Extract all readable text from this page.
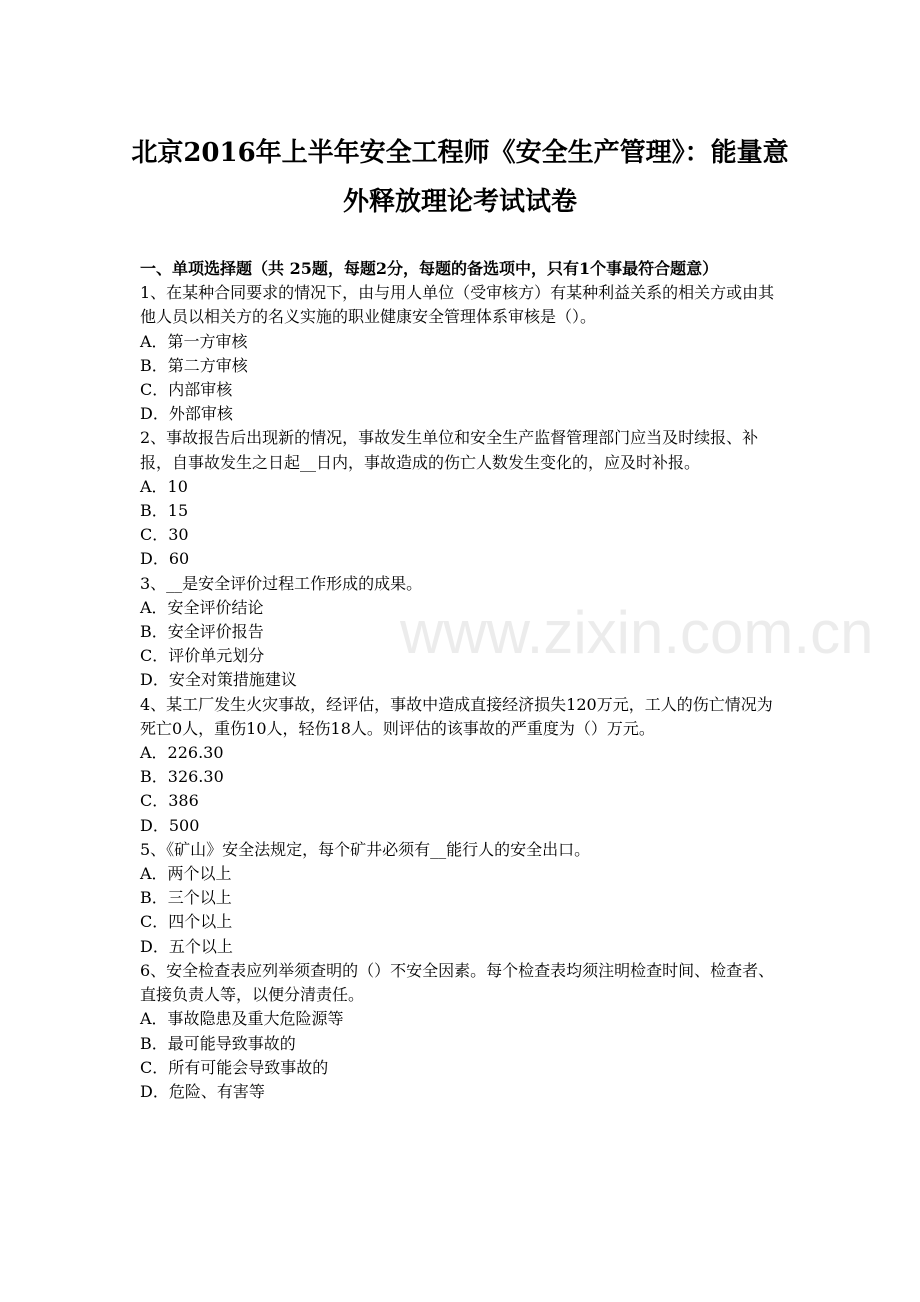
北京2016年上半年安全工程师《安全生产管理》：能量意
外释放理论考试试卷

一、单项选择题（共 25题，每题2分，每题的备选项中，只有1个事最符合题意）

1、在某种合同要求的情况下，由与用人单位（受审核方）有某种利益关系的相关方或由其他人员以相关方的名义实施的职业健康安全管理体系审核是（）。

A．第一方审核

B．第二方审核

C．内部审核

D．外部审核

2、事故报告后出现新的情况，事故发生单位和安全生产监督管理部门应当及时续报、补报，自事故发生之日起__日内，事故造成的伤亡人数发生变化的，应及时补报。

A．10

B．15

C．30

D．60

3、__是安全评价过程工作形成的成果。

A．安全评价结论

B．安全评价报告

C．评价单元划分

D．安全对策措施建议

4、某工厂发生火灾事故，经评估，事故中造成直接经济损失120万元，工人的伤亡情况为死亡0人，重伤10人，轻伤18人。则评估的该事故的严重度为（）万元。

A．226.30

B．326.30

C．386

D．500

5、《矿山》安全法规定，每个矿井必须有__能行人的安全出口。

A．两个以上

B．三个以上

C．四个以上

D．五个以上

6、安全检查表应列举须查明的（）不安全因素。每个检查表均须注明检查时间、检查者、直接负责人等，以便分清责任。

A．事故隐患及重大危险源等

B．最可能导致事故的

C．所有可能会导致事故的

D．危险、有害等

www.zixin.com.cn
